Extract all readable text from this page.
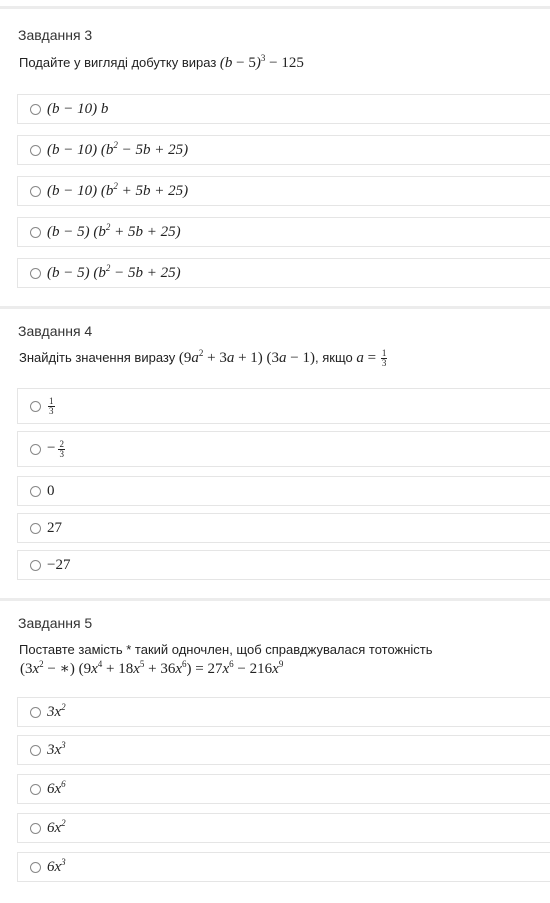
Завдання 3
Подайте у вигляді добутку вираз $(b - 5)^3 - 125$
(b − 10) b
(b − 10) $(b^2 - 5b + 25)$
(b − 10) $(b^2 + 5b + 25)$
(b − 5) $(b^2 + 5b + 25)$
(b − 5) $(b^2 - 5b + 25)$
Завдання 4
Знайдіть значення виразу $(9a^2 + 3a + 1) (3a - 1)$, якщо $a = \frac{1}{3}$
$\frac{1}{3}$
− $\frac{2}{3}$
0
27
−27
Завдання 5
Поставте замість * такий одночлен, щоб справджувалася тотожність
($3x^2$ − ∗) $(9x^4 + 18x^5 + 36x^6) = 27x^6 - 216x^9$
$3x^2$
$3x^3$
$6x^6$
$6x^2$
$6x^3$
